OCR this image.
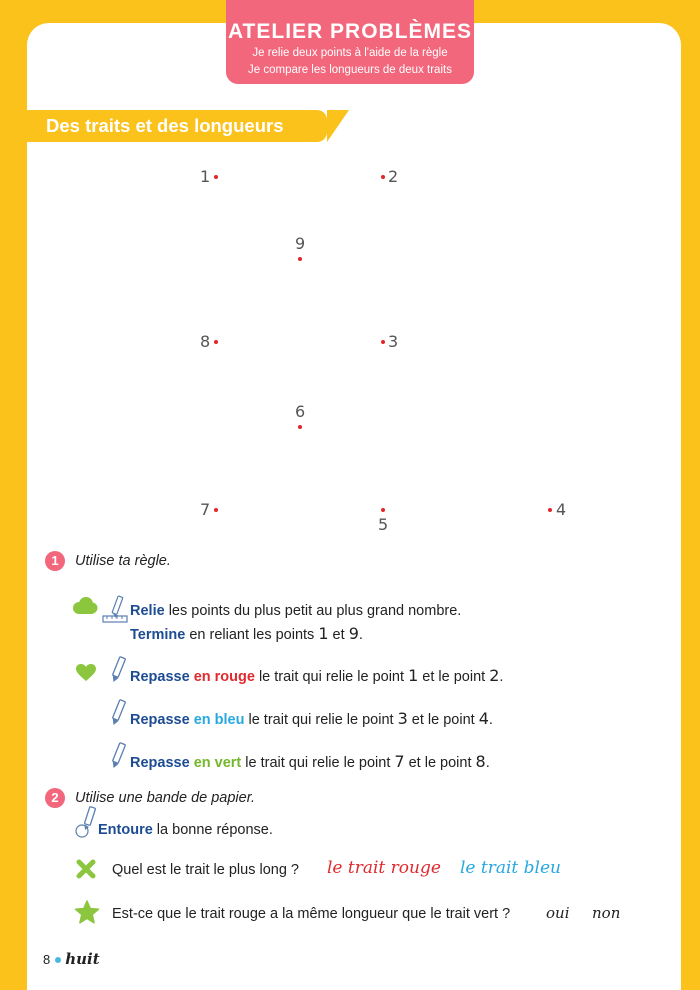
ATELIER PROBLÈMES
Je relie deux points à l'aide de la règle
Je compare les longueurs de deux traits
Des traits et des longueurs
1	2
9
8	3
6
7
5
4
1	Utilise ta règle.
Relie les points du plus petit au plus grand nombre.
Termine en reliant les points 1 et 9.
Repasse en rouge le trait qui relie le point 1 et le point 2.
Repasse en bleu le trait qui relie le point 3 et le point 4.
Repasse en vert le trait qui relie le point 7 et le point 8.
2	Utilise une bande de papier.
Entoure la bonne réponse.
Quel est le trait le plus long ? le trait rouge le trait bleu
Est-ce que le trait rouge a la même longueur que le trait vert ? oui non
8 huit
